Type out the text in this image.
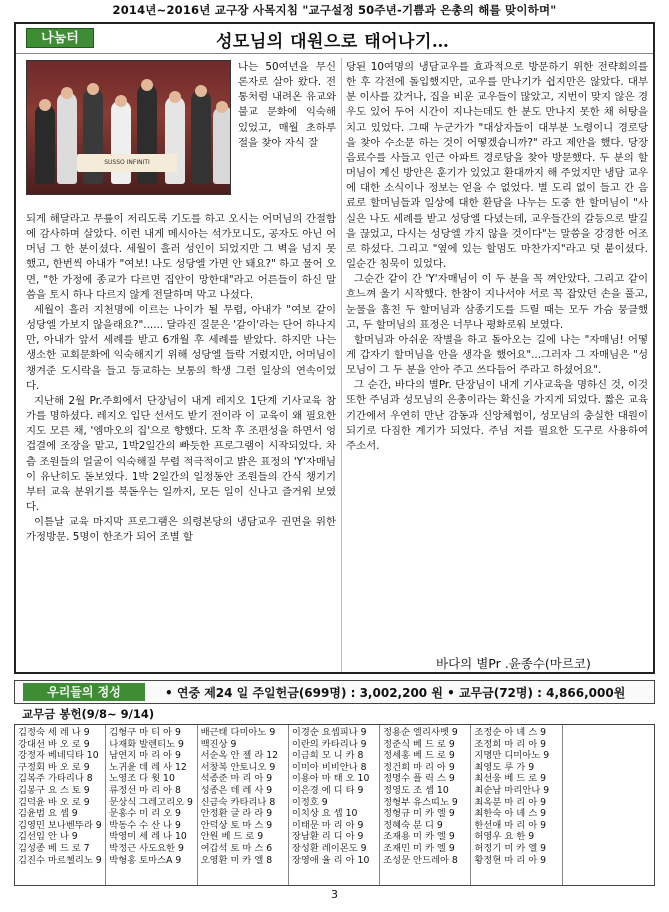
2014년~2016년 교구장 사목지침 "교구설정 50주년-기쁨과 은총의 해를 맞이하며"
나눔터	성모님의 대원으로 태어나기…
SUSSO INFINITI

나는 50여년을 무신론자로 살아 왔다. 전통처럼 내려온 유교와 불교 문화에 익숙해 있었고, 매월 초하루 절을 찾아 자식 잘

되게 해달라고 무릎이 저리도록 기도를 하고 오시는 어머님의 간절함에 감사하며 살았다. 이런 내게 메시아는 석가모니도, 공자도 아닌 어머님 그 한 분이셨다. 세월이 흘러 성인이 되었지만 그 벽을 넘지 못했고, 한번씩 아내가 "여보! 나도 성당엘 가면 안 돼요?" 하고 물어 오면, "한 가정에 종교가 다르면 집안이 망한대"라고 어른들이 하신 말씀을 토시 하나 다르지 않게 전달하며 막고 나섰다.

세월이 흘러 지천명에 이르는 나이가 될 무렵, 아내가 "여보 같이 성당엘 가보지 않을래요?"...... 달라진 질문은 '같이'라는 단어 하나지만, 아내가 앞서 세례를 받고 6개월 후 세례를 받았다. 하지만 나는 생소한 교회문화에 익숙해지기 위해 성당엘 들락 거렸지만, 어머님이 챙겨준 도시락을 들고 등교하는 보통의 학생 그런 일상의 연속이었다.

지난해 2월 Pr.주회에서 단장님이 내게 레지오 1단계 기사교육 참가를 명하셨다. 레지오 입단 선서도 받기 전이라 이 교육이 왜 필요한지도 모른 채, '엠마오의 집'으로 향했다. 도착 후 조편성을 하면서 엉겁결에 조장을 맡고, 1박2일간의 빠듯한 프로그램이 시작되었다. 차츰 조원들의 얼굴이 익숙해질 무렵 적극적이고 밝은 표정의 'Y'자매님이 유난히도 돋보였다. 1박 2일간의 일정동안 조원들의 간식 챙기기부터 교육 분위기를 북돋우는 일까지, 모든 일이 신나고 즐거워 보였다.

이튿날 교육 마지막 프로그램은 의령본당의 냉담교우 권면을 위한 가정방문. 5명이 한조가 되어 조별 할

당된 10여명의 냉담교우를 효과적으로 방문하기 위한 전략회의를 한 후 각전에 돌입했지만, 교우를 만나기가 쉽지만은 않았다. 대부분 이사를 갔거나, 집을 비운 교우들이 많았고, 지번이 맞지 않은 경우도 있어 두어 시간이 지나는데도 한 분도 만나지 못한 채 허탕을 치고 있었다. 그때 누군가가 "대상자들이 대부분 노령이니 경로당을 찾아 수소문 하는 것이 어떻겠습니까?" 라고 제안을 했다. 당장 음료수를 사들고 인근 아파트 경로당을 찾아 방문했다. 두 분의 할머님이 계신 방안은 훈기가 있었고 환대까지 해 주었지만 냉담 교우에 대한 소식이나 정보는 얻을 수 없었다. 별 도리 없이 들고 간 음료로 할머님들과 일상에 대한 환담을 나누는 도중 한 할머님이 "사실은 나도 세례를 받고 성당엘 다녔는데, 교우들간의 갈등으로 발길을 끊었고, 다시는 성당엘 가지 않을 것이다"는 말씀을 강경한 어조로 하셨다. 그리고 "옆에 있는 할멈도 마찬가지"라고 덧 붙이셨다. 일순간 침묵이 있었다.

그순간 같이 간 'Y'자매님이 이 두 분을 꼭 껴안았다. 그리고 같이 흐느껴 울기 시작했다. 한참이 지나서야 서로 꼭 잡았던 손을 풀고, 눈물을 훔친 두 할머님과 삼종기도를 드릴 때는 모두 가슴 뭉클했고, 두 할머님의 표정은 너무나 평화로워 보였다.

할머님과 아쉬운 작별을 하고 돌아오는 길에 나는 "자매님! 어떻게 갑자기 할머님을 안을 생각을 했어요"...그러자 그 자매님은 "성모님이 그 두 분을 안아 주고 쓰다듬어 주라고 하셨어요".

그 순간, 바다의 별Pr. 단장님이 내게 기사교육을 명하신 것, 이것 또한 주님과 성모님의 은총이라는 확신을 가지게 되었다. 짧은 교육기간에서 우연히 만난 감동과 신앙체험이, 성모님의 충실한 대원이 되기로 다짐한 계기가 되었다. 주님 저를 필요한 도구로 사용하여 주소서.

바다의 별Pr .윤종수(마르코)
우리들의 정성	• 연중 제24 일 주일헌금(699명) : 3,002,200 원 • 교무금(72명) : 4,866,000원
교무금 봉헌(9/8~ 9/14)
김정숙 세 레 나 9
강대선 바 오 로 9
강정자 베네딕타 10
구정회 바 오 로 9
김복주 가타리나 8
김봉구 요 스 토 9
김덕윤 바 오 로 9
김윤범 요 셉 9
김영민 보나벤뚜라 9
김선임 안 나 9
김성종 베 드 로 7
김진수 마르첼리노 9
김형구 마 티 아 9
나재화 발렌티노 9
남연지 마 리 아 9
노귀윤 데 레 사 12
노영조 다 윗 10
류정선 마 리 아 8
문상식 그레고리오 9
문홍수 미 리 오 9
박동수 수 산 나 9
박영미 세 레 나 10
박정근 사도요한 9
박형홍 토마스A 9
배근태 다미아노 9
백진상 9
서순옥 안 젤 라 12
서창복 안토니오 9
석종준 마 리 아 9
성종은 데 레 사 9
신금숙 카타리나 8
안정환 글 라 라 9
안덕상 토 마 스 9
안원 베 드 로 9
여갑석 토 마 스 6
오영환 미 카 엘 8
이경순 요셉피나 9
이란의 카타리나 9
이금희 모 니 카 8
이미아 비비안나 8
이용아 마 태 오 10
이은경 에 디 타 9
이정호 9
이치상 요 셉 10
이태문 마 리 아 9
장남환 리 디 아 9
장성환 레이몬도 9
장영애 율 리 아 10
정용순 엘리사벳 9
정준식 베 드 로 9
정세홍 베 드 로 9
정건희 마 리 아 9
정명수 플 릭 스 9
정영도 조 셉 10
정형부 유스띠노 9
정형규 미 카 엘 9
정혜숙 분 디 9
조재용 미 카 엘 9
조재민 미 카 엘 9
조성문 안드레아 8
조정순 아 녜 스 9
조정희 마 리 아 9
지명만 디미아노 9
최영도 루 가 9
최선웅 베 드 로 9
최순남 마리안나 9
최옥분 마 리 아 9
최한숙 아 녜 스 9
한선애 마 리 아 9
허영우 요 한 9
허정기 미 카 엘 9
황정현 마 리 아 9
3
